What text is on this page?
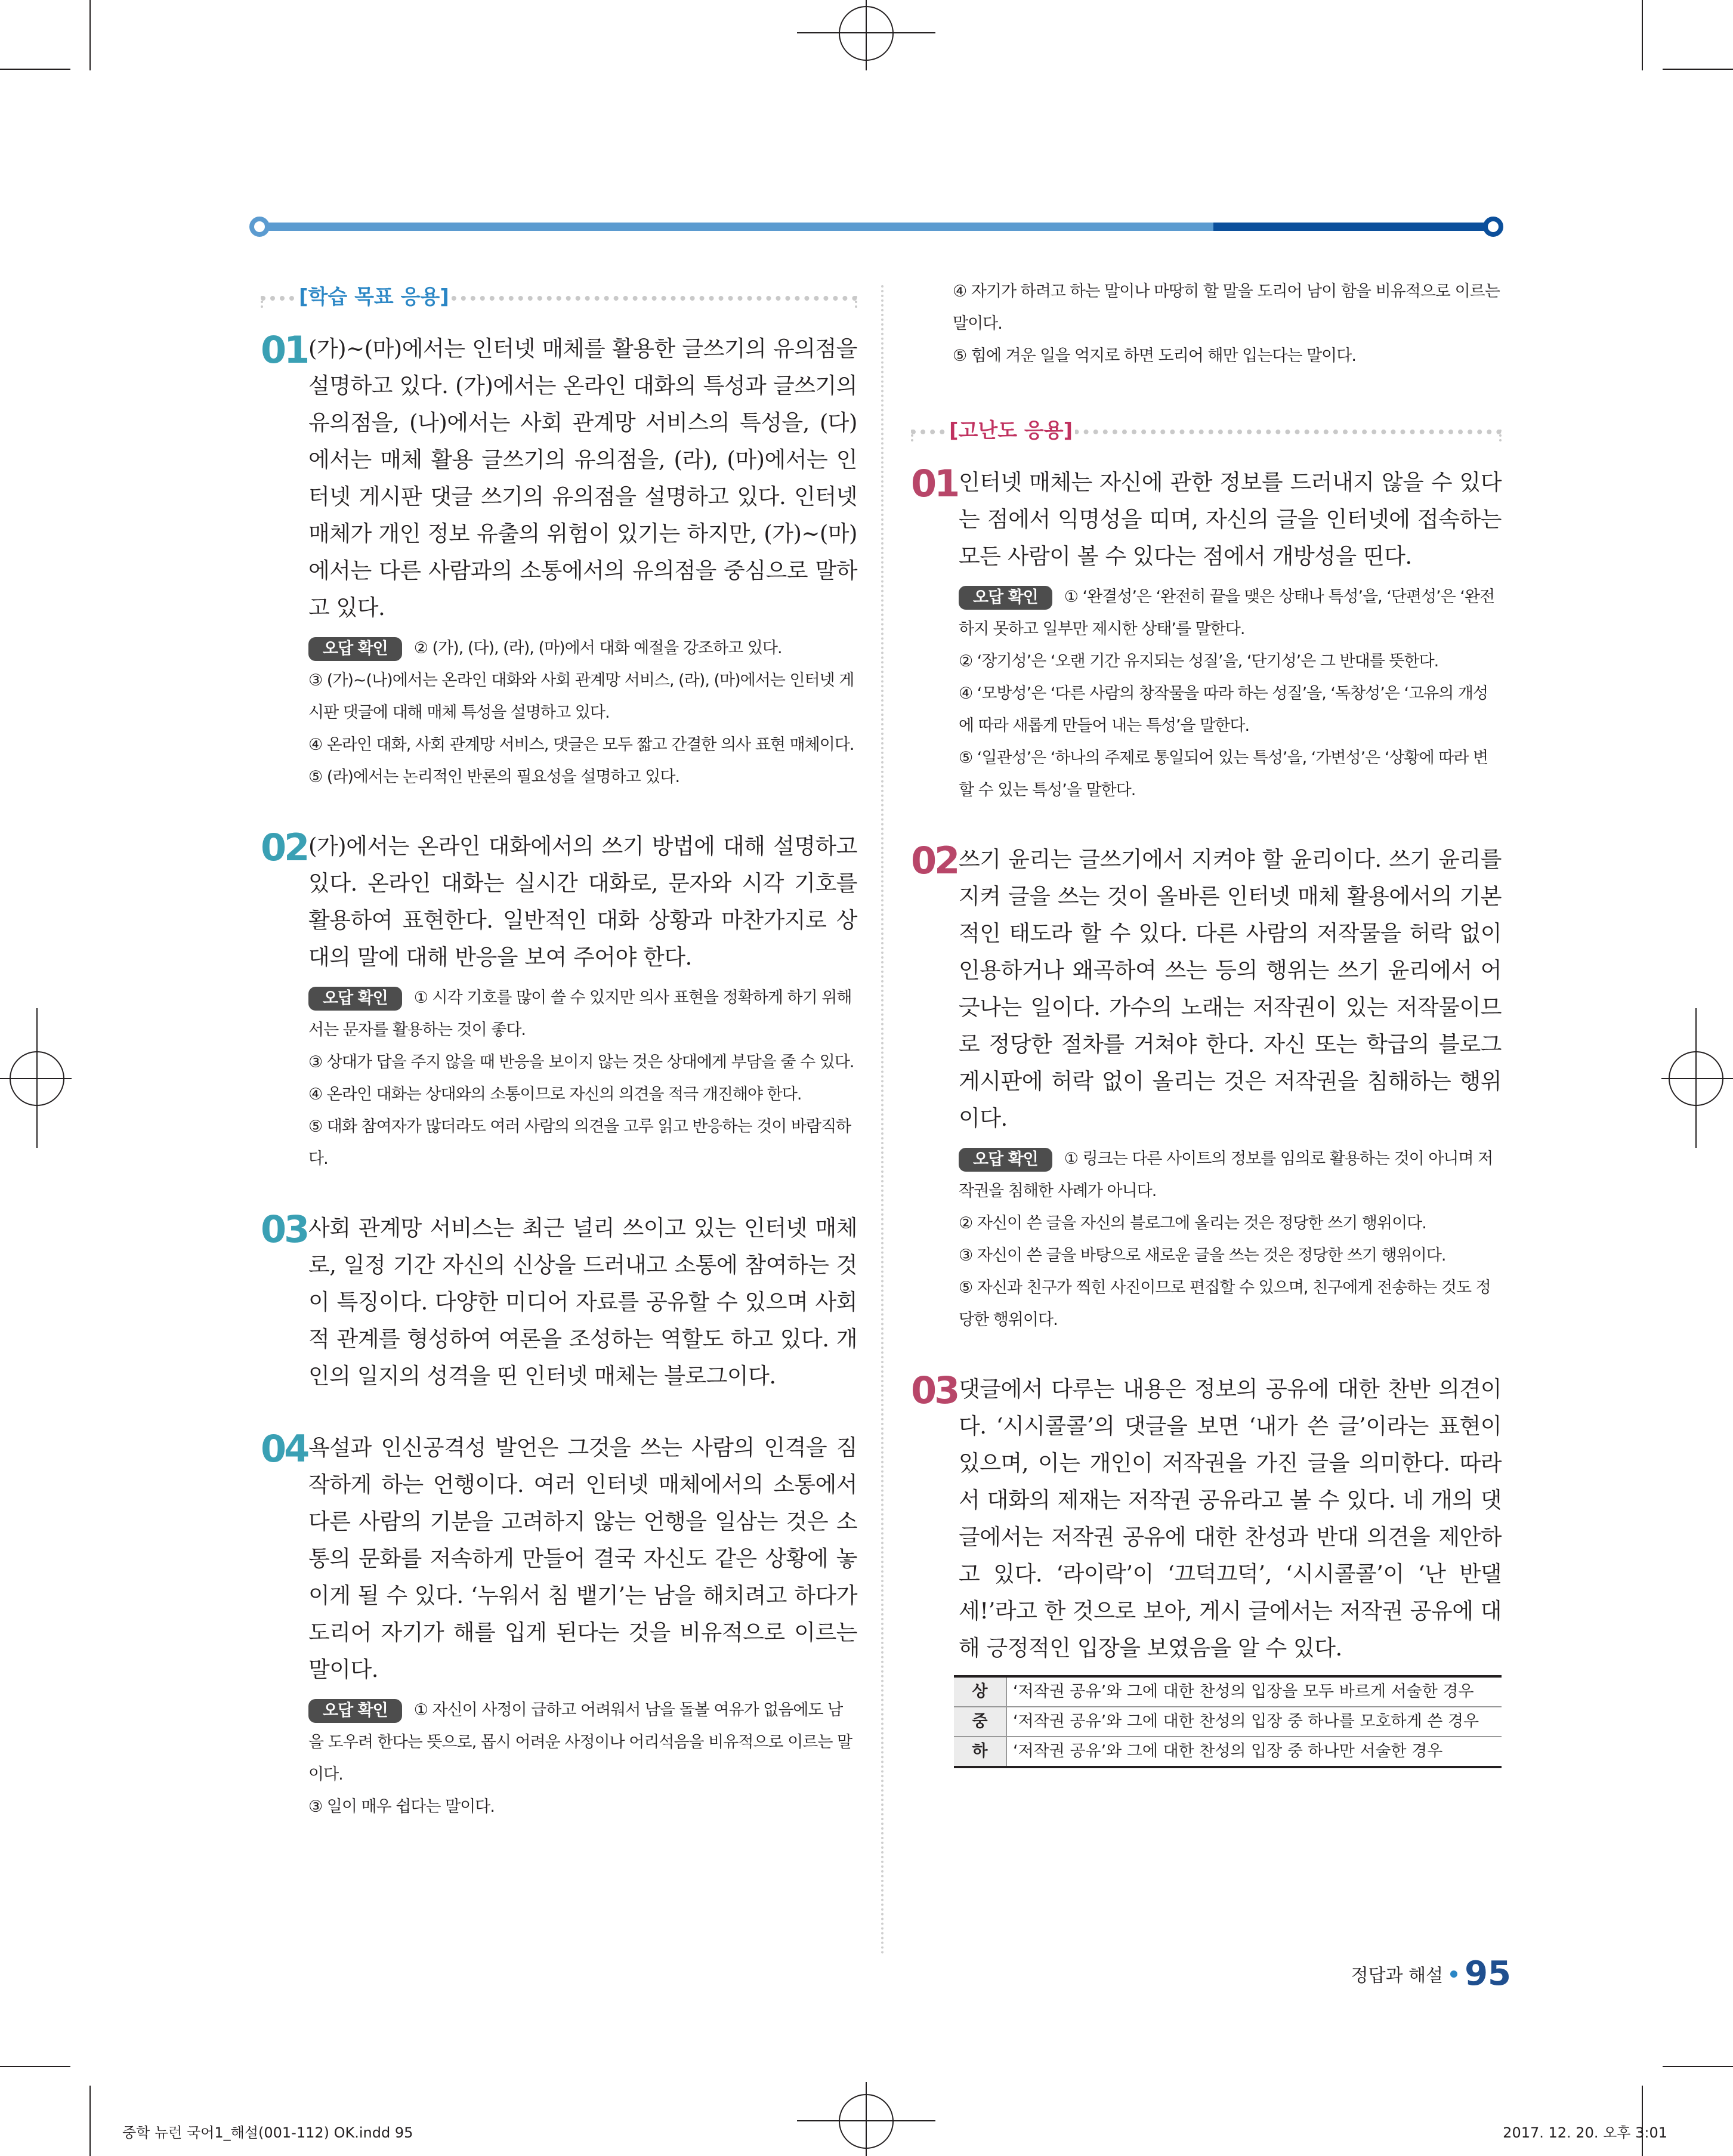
[학습 목표 응용]
01 (가)~(마)에서는 인터넷 매체를 활용한 글쓰기의 유의점을 설명하고 있다. (가)에서는 온라인 대화의 특성과 글쓰기의 유의점을, (나)에서는 사회 관계망 서비스의 특성을, (다)에서는 매체 활용 글쓰기의 유의점을, (라), (마)에서는 인터넷 게시판 댓글 쓰기의 유의점을 설명하고 있다. 인터넷 매체가 개인 정보 유출의 위험이 있기는 하지만, (가)~(마)에서는 다른 사람과의 소통에서의 유의점을 중심으로 말하고 있다.

오답 확인 ② (가), (다), (라), (마)에서 대화 예절을 강조하고 있다.

③ (가)~(나)에서는 온라인 대화와 사회 관계망 서비스, (라), (마)에서는 인터넷 게시판 댓글에 대해 매체 특성을 설명하고 있다.

④ 온라인 대화, 사회 관계망 서비스, 댓글은 모두 짧고 간결한 의사 표현 매체이다.

⑤ (라)에서는 논리적인 반론의 필요성을 설명하고 있다.

02 (가)에서는 온라인 대화에서의 쓰기 방법에 대해 설명하고 있다. 온라인 대화는 실시간 대화로, 문자와 시각 기호를 활용하여 표현한다. 일반적인 대화 상황과 마찬가지로 상대의 말에 대해 반응을 보여 주어야 한다.

오답 확인 ① 시각 기호를 많이 쓸 수 있지만 의사 표현을 정확하게 하기 위해서는 문자를 활용하는 것이 좋다.

③ 상대가 답을 주지 않을 때 반응을 보이지 않는 것은 상대에게 부담을 줄 수 있다.

④ 온라인 대화는 상대와의 소통이므로 자신의 의견을 적극 개진해야 한다.

⑤ 대화 참여자가 많더라도 여러 사람의 의견을 고루 읽고 반응하는 것이 바람직하다.

03 사회 관계망 서비스는 최근 널리 쓰이고 있는 인터넷 매체로, 일정 기간 자신의 신상을 드러내고 소통에 참여하는 것이 특징이다. 다양한 미디어 자료를 공유할 수 있으며 사회적 관계를 형성하여 여론을 조성하는 역할도 하고 있다. 개인의 일지의 성격을 띤 인터넷 매체는 블로그이다.
04 욕설과 인신공격성 발언은 그것을 쓰는 사람의 인격을 짐작하게 하는 언행이다. 여러 인터넷 매체에서의 소통에서 다른 사람의 기분을 고려하지 않는 언행을 일삼는 것은 소통의 문화를 저속하게 만들어 결국 자신도 같은 상황에 놓이게 될 수 있다. ‘누워서 침 뱉기’는 남을 해치려고 하다가 도리어 자기가 해를 입게 된다는 것을 비유적으로 이르는 말이다.

오답 확인 ① 자신이 사정이 급하고 어려워서 남을 돌볼 여유가 없음에도 남을 도우려 한다는 뜻으로, 몹시 어려운 사정이나 어리석음을 비유적으로 이르는 말이다.

③ 일이 매우 쉽다는 말이다.

④ 자기가 하려고 하는 말이나 마땅히 할 말을 도리어 남이 함을 비유적으로 이르는 말이다.

⑤ 힘에 겨운 일을 억지로 하면 도리어 해만 입는다는 말이다.

[고난도 응용]
01 인터넷 매체는 자신에 관한 정보를 드러내지 않을 수 있다는 점에서 익명성을 띠며, 자신의 글을 인터넷에 접속하는 모든 사람이 볼 수 있다는 점에서 개방성을 띤다.

오답 확인 ① ‘완결성’은 ‘완전히 끝을 맺은 상태나 특성’을, ‘단편성’은 ‘완전하지 못하고 일부만 제시한 상태’를 말한다.

② ‘장기성’은 ‘오랜 기간 유지되는 성질’을, ‘단기성’은 그 반대를 뜻한다.

④ ‘모방성’은 ‘다른 사람의 창작물을 따라 하는 성질’을, ‘독창성’은 ‘고유의 개성에 따라 새롭게 만들어 내는 특성’을 말한다.

⑤ ‘일관성’은 ‘하나의 주제로 통일되어 있는 특성’을, ‘가변성’은 ‘상황에 따라 변할 수 있는 특성’을 말한다.

02 쓰기 윤리는 글쓰기에서 지켜야 할 윤리이다. 쓰기 윤리를 지켜 글을 쓰는 것이 올바른 인터넷 매체 활용에서의 기본적인 태도라 할 수 있다. 다른 사람의 저작물을 허락 없이 인용하거나 왜곡하여 쓰는 등의 행위는 쓰기 윤리에서 어긋나는 일이다. 가수의 노래는 저작권이 있는 저작물이므로 정당한 절차를 거쳐야 한다. 자신 또는 학급의 블로그 게시판에 허락 없이 올리는 것은 저작권을 침해하는 행위이다.

오답 확인 ① 링크는 다른 사이트의 정보를 임의로 활용하는 것이 아니며 저작권을 침해한 사례가 아니다.

② 자신이 쓴 글을 자신의 블로그에 올리는 것은 정당한 쓰기 행위이다.

③ 자신이 쓴 글을 바탕으로 새로운 글을 쓰는 것은 정당한 쓰기 행위이다.

⑤ 자신과 친구가 찍힌 사진이므로 편집할 수 있으며, 친구에게 전송하는 것도 정당한 행위이다.

03 댓글에서 다루는 내용은 정보의 공유에 대한 찬반 의견이다. ‘시시콜콜’의 댓글을 보면 ‘내가 쓴 글’이라는 표현이 있으며, 이는 개인이 저작권을 가진 글을 의미한다. 따라서 대화의 제재는 저작권 공유라고 볼 수 있다. 네 개의 댓글에서는 저작권 공유에 대한 찬성과 반대 의견을 제안하고 있다. ‘라이락’이 ‘끄덕끄덕’, ‘시시콜콜’이 ‘난 반댈세!’라고 한 것으로 보아, 게시 글에서는 저작권 공유에 대해 긍정적인 입장을 보였음을 알 수 있다.
상	‘저작권 공유’와 그에 대한 찬성의 입장을 모두 바르게 서술한 경우
중	‘저작권 공유’와 그에 대한 찬성의 입장 중 하나를 모호하게 쓴 경우
하	‘저작권 공유’와 그에 대한 찬성의 입장 중 하나만 서술한 경우
정답과 해설 95
중학 뉴런 국어1_해설(001-112) OK.indd 95	2017. 12. 20. 오후 3:01
